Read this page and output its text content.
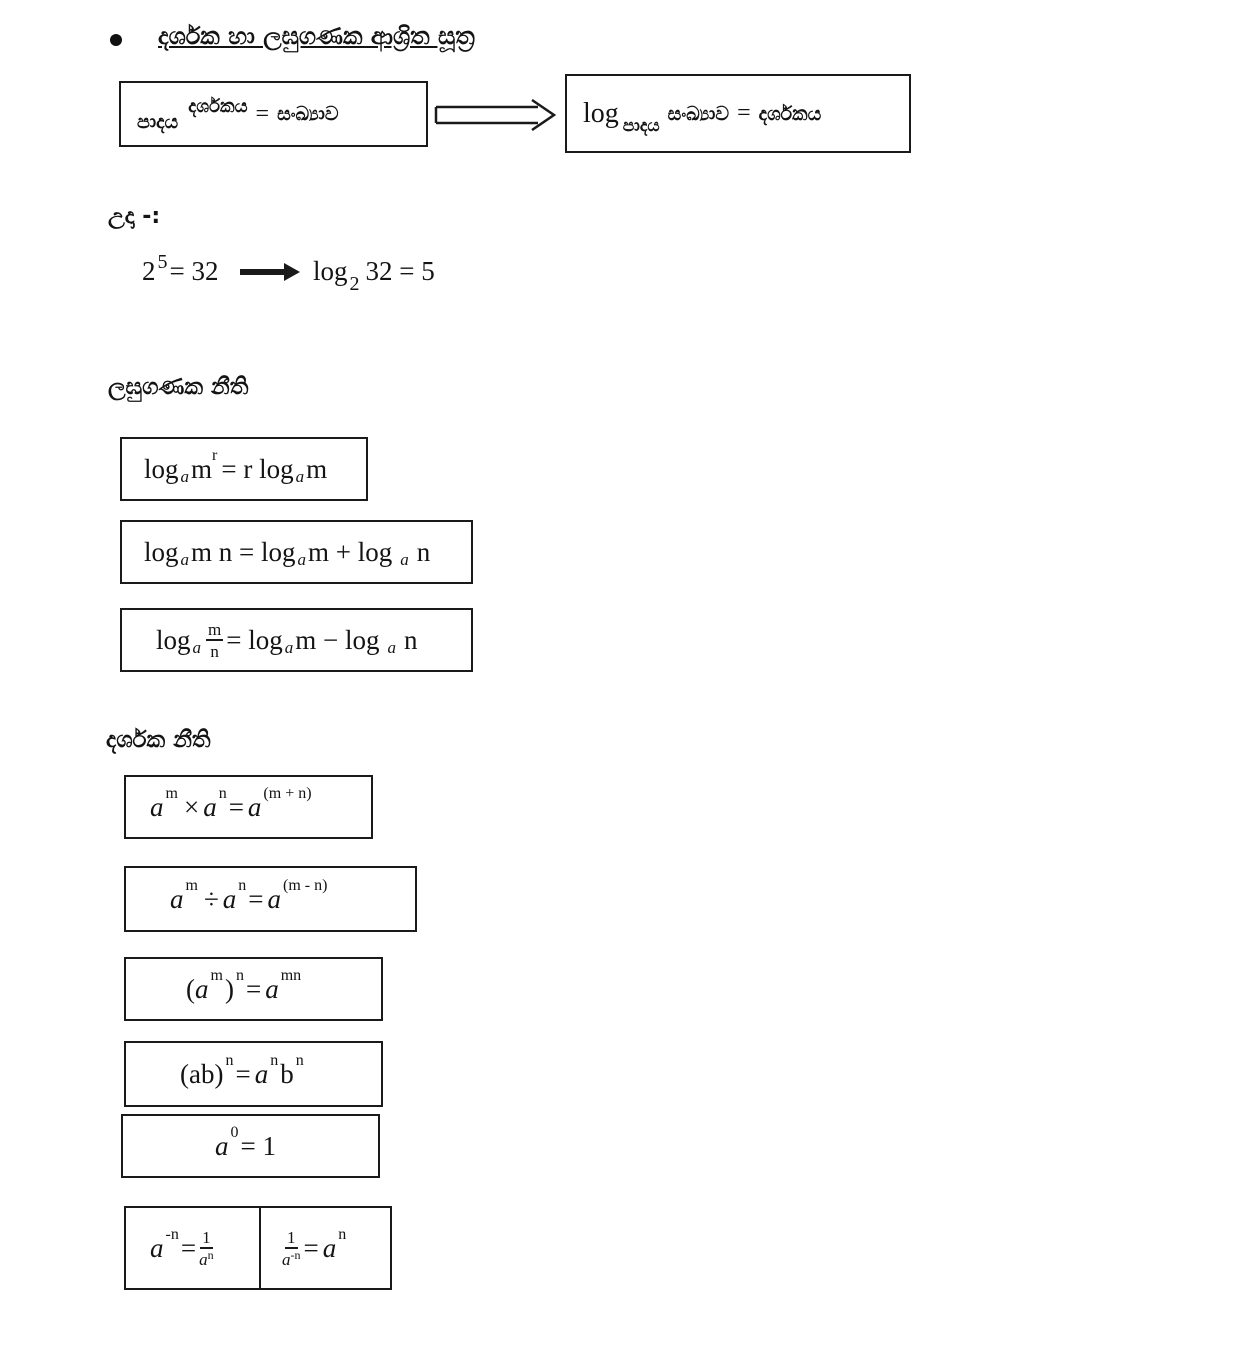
දර්ශක හා ලඝුගණක ආශ්‍රිත සූත්‍ර
පාදය
දර්ශකය = සංඛ්‍යාව	log පාදය
සංඛ්‍යාව = දර්ශකය
උදා -:
2 $^5$= 32	log $_2$ 32 = 5
ලඝුගණක නීති
log a m r = r log a m
log a m n = log a m + log a n
log a $\frac{m}{n} = \log a$ m − log a n
දර්ශක නීති
a m × a n = a (m + n)
a m ÷ a n = a (m - n)
( a m ) n = a mn
( ab ) n = a n b n
a 0 = 1
a $-n = \frac{1}{a^n}$	$\frac{1}{a^{-n}} = a$ n
